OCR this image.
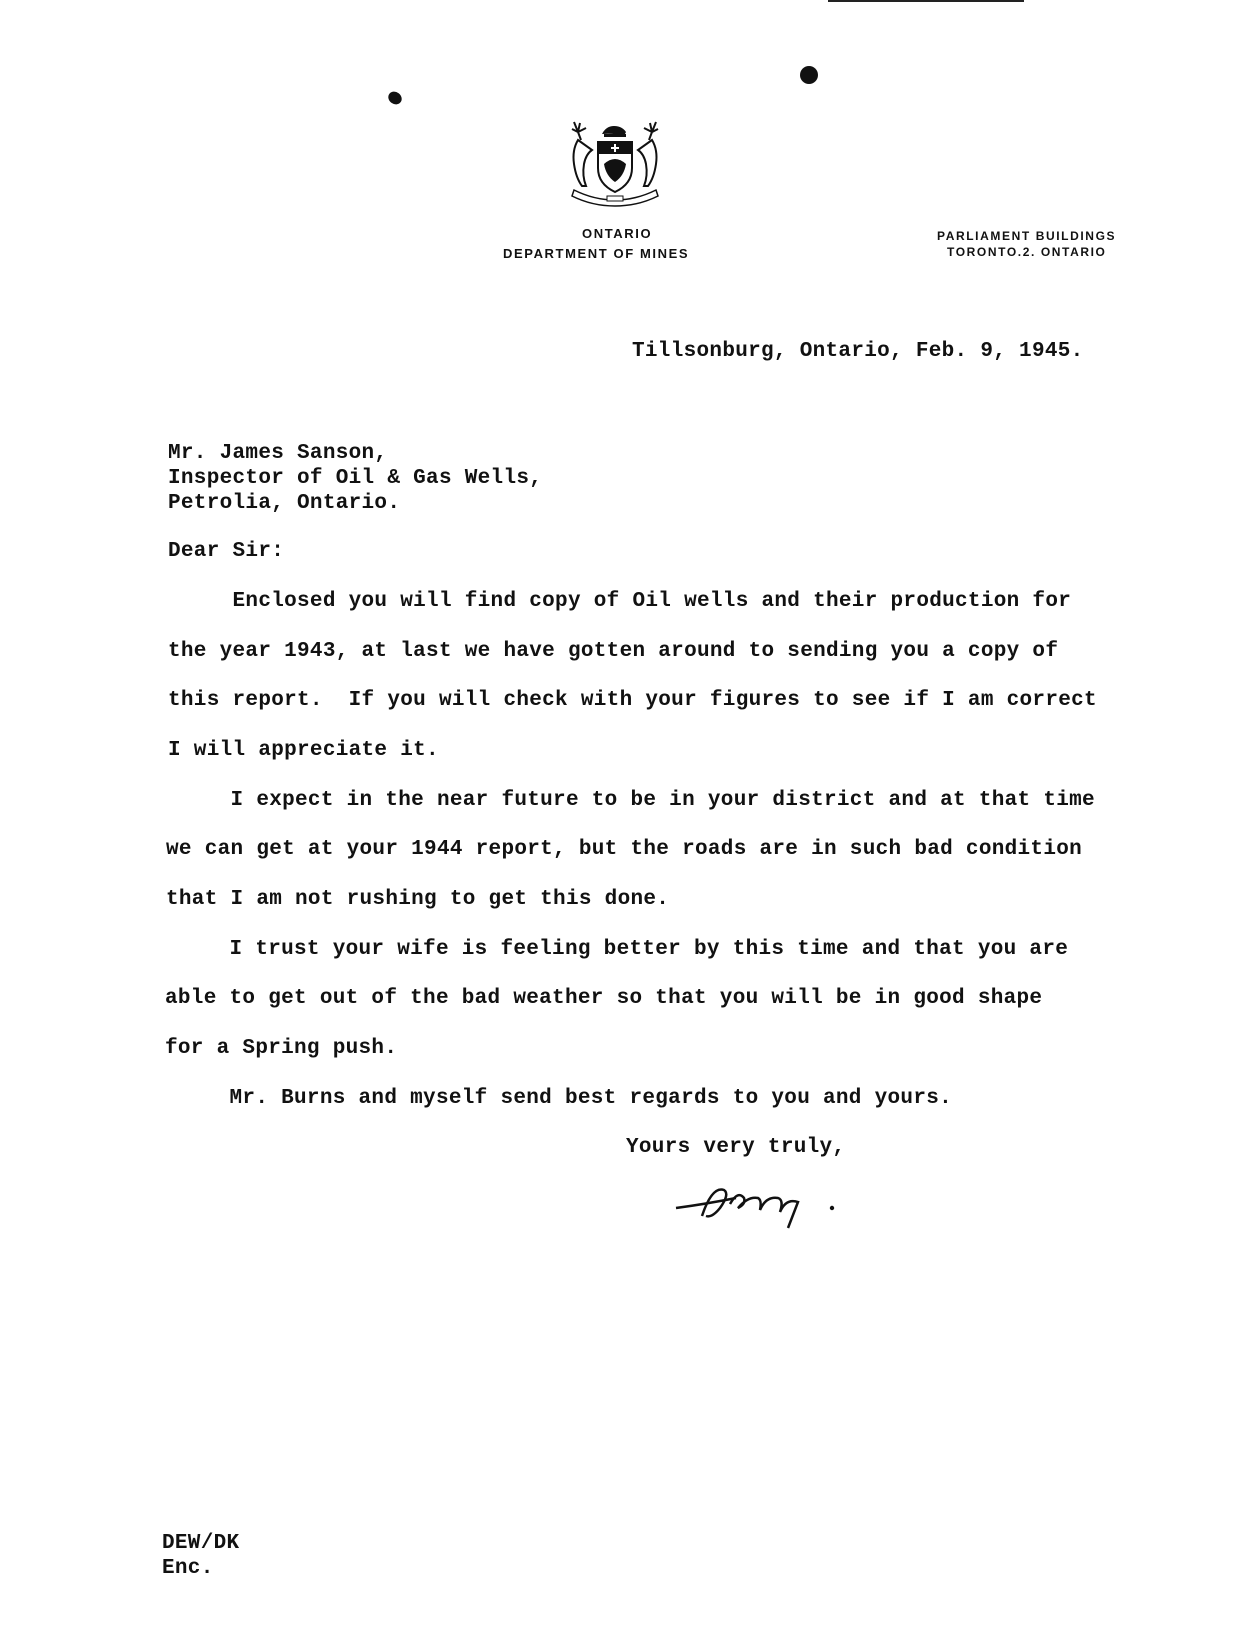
ONTARIO
DEPARTMENT OF MINES
PARLIAMENT BUILDINGS
TORONTO.2. ONTARIO
Tillsonburg, Ontario, Feb. 9, 1945.
Mr. James Sanson,
Inspector of Oil & Gas Wells,
Petrolia, Ontario.
Dear Sir:
Enclosed you will find copy of Oil wells and their production for
the year 1943, at last we have gotten around to sending you a copy of
this report.  If you will check with your figures to see if I am correct
I will appreciate it.
I expect in the near future to be in your district and at that time
we can get at your 1944 report, but the roads are in such bad condition
that I am not rushing to get this done.
I trust your wife is feeling better by this time and that you are
able to get out of the bad weather so that you will be in good shape
for a Spring push.
Mr. Burns and myself send best regards to you and yours.
Yours very truly,
DEW/DK
Enc.
